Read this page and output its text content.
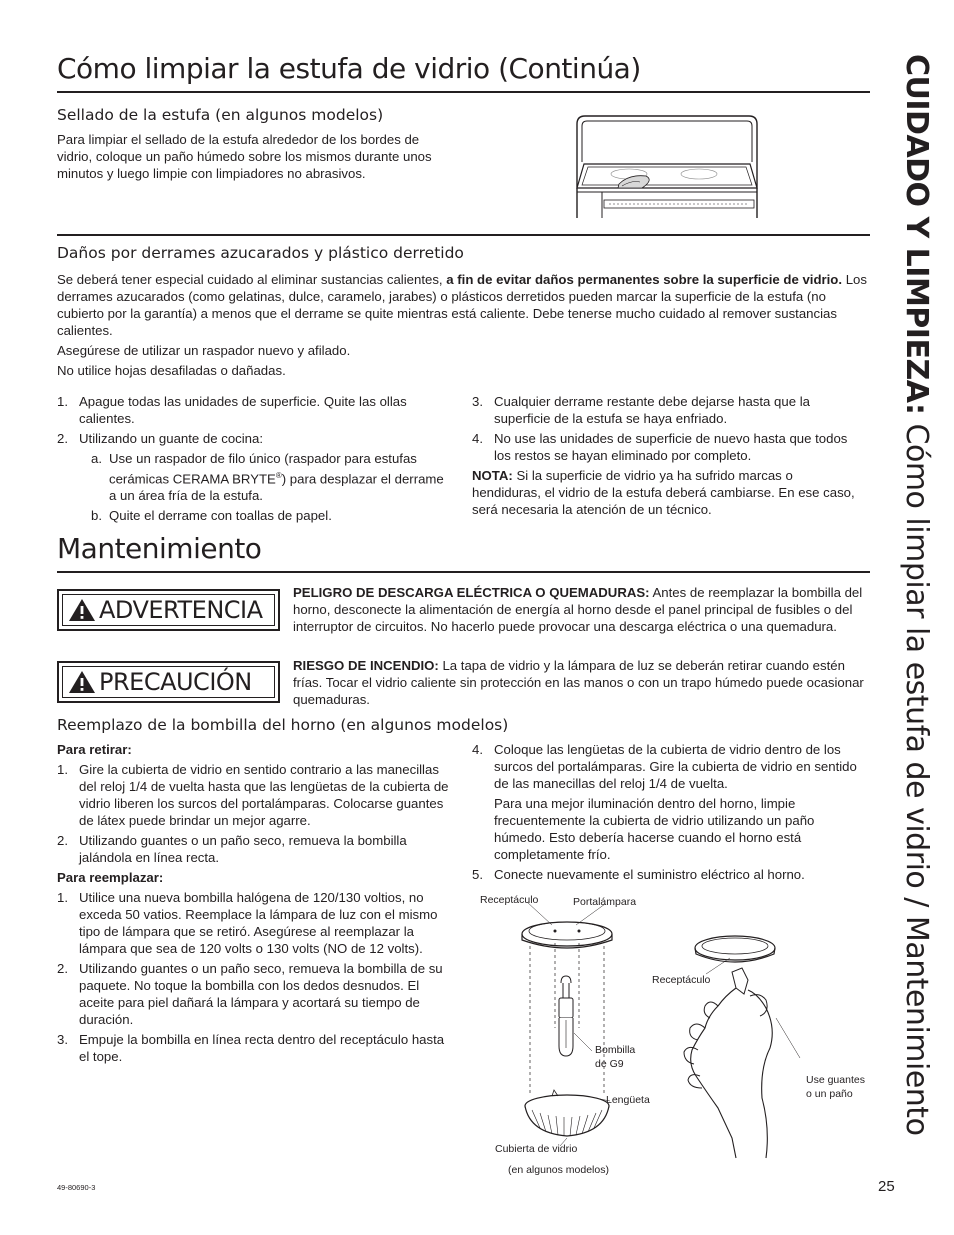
CUIDADO Y LIMPIEZA: Cómo limpiar la estufa de vidrio / Mantenimiento
Cómo limpiar la estufa de vidrio (Continúa)
Sellado de la estufa (en algunos modelos)
Para limpiar el sellado de la estufa alrededor de los bordes de vidrio, coloque un paño húmedo sobre los mismos durante unos minutos y luego limpie con limpiadores no abrasivos.
Daños por derrames azucarados y plástico derretido
Se deberá tener especial cuidado al eliminar sustancias calientes, a fin de evitar daños permanentes sobre la superficie de vidrio. Los derrames azucarados (como gelatinas, dulce, caramelo, jarabes) o plásticos derretidos pueden marcar la superficie de la estufa (no cubierto por la garantía) a menos que el derrame se quite mientras está caliente. Debe tenerse mucho cuidado al remover sustancias calientes.
Asegúrese de utilizar un raspador nuevo y afilado.
No utilice hojas desafiladas o dañadas.
1. Apague todas las unidades de superficie. Quite las ollas calientes.
2. Utilizando un guante de cocina:
a. Use un raspador de filo único (raspador para estufas cerámicas CERAMA BRYTE®) para desplazar el derrame a un área fría de la estufa.
b. Quite el derrame con toallas de papel.
3. Cualquier derrame restante debe dejarse hasta que la superficie de la estufa se haya enfriado.
4. No use las unidades de superficie de nuevo hasta que todos los restos se hayan eliminado por completo.
NOTA: Si la superficie de vidrio ya ha sufrido marcas o hendiduras, el vidrio de la estufa deberá cambiarse. En ese caso, será necesaria la atención de un técnico.
Mantenimiento
ADVERTENCIA
PELIGRO DE DESCARGA ELÉCTRICA O QUEMADURAS: Antes de reemplazar la bombilla del horno, desconecte la alimentación de energía al horno desde el panel principal de fusibles o del interruptor de circuitos. No hacerlo puede provocar una descarga eléctrica o una quemadura.
PRECAUCIÓN
RIESGO DE INCENDIO: La tapa de vidrio y la lámpara de luz se deberán retirar cuando estén frías. Tocar el vidrio caliente sin protección en las manos o con un trapo húmedo puede ocasionar quemaduras.
Reemplazo de la bombilla del horno (en algunos modelos)
Para retirar:
1. Gire la cubierta de vidrio en sentido contrario a las manecillas del reloj 1/4 de vuelta hasta que las lengüetas de la cubierta de vidrio liberen los surcos del portalámparas. Colocarse guantes de látex puede brindar un mejor agarre.
2. Utilizando guantes o un paño seco, remueva la bombilla jalándola en línea recta.
Para reemplazar:
1. Utilice una nueva bombilla halógena de 120/130 voltios, no exceda 50 vatios. Reemplace la lámpara de luz con el mismo tipo de lámpara que se retiró. Asegúrese al reemplazar la lámpara que sea de 120 volts o 130 volts (NO de 12 volts).
2. Utilizando guantes o un paño seco, remueva la bombilla de su paquete. No toque la bombilla con los dedos desnudos. El aceite para piel dañará la lámpara y acortará su tiempo de duración.
3. Empuje la bombilla en línea recta dentro del receptáculo hasta el tope.
4. Coloque las lengüetas de la cubierta de vidrio dentro de los surcos del portalámparas. Gire la cubierta de vidrio en sentido de las manecillas del reloj 1/4 de vuelta.
Para una mejor iluminación dentro del horno, limpie frecuentemente la cubierta de vidrio utilizando un paño húmedo. Esto debería hacerse cuando el horno está completamente frío.
5. Conecte nuevamente el suministro eléctrico al horno.
Receptáculo	Portalámpara
Receptáculo
Bombilla
de G9
Lengüeta
Use guantes
o un paño
Cubierta de vidrio
(en algunos modelos)
49-80690-3	25
